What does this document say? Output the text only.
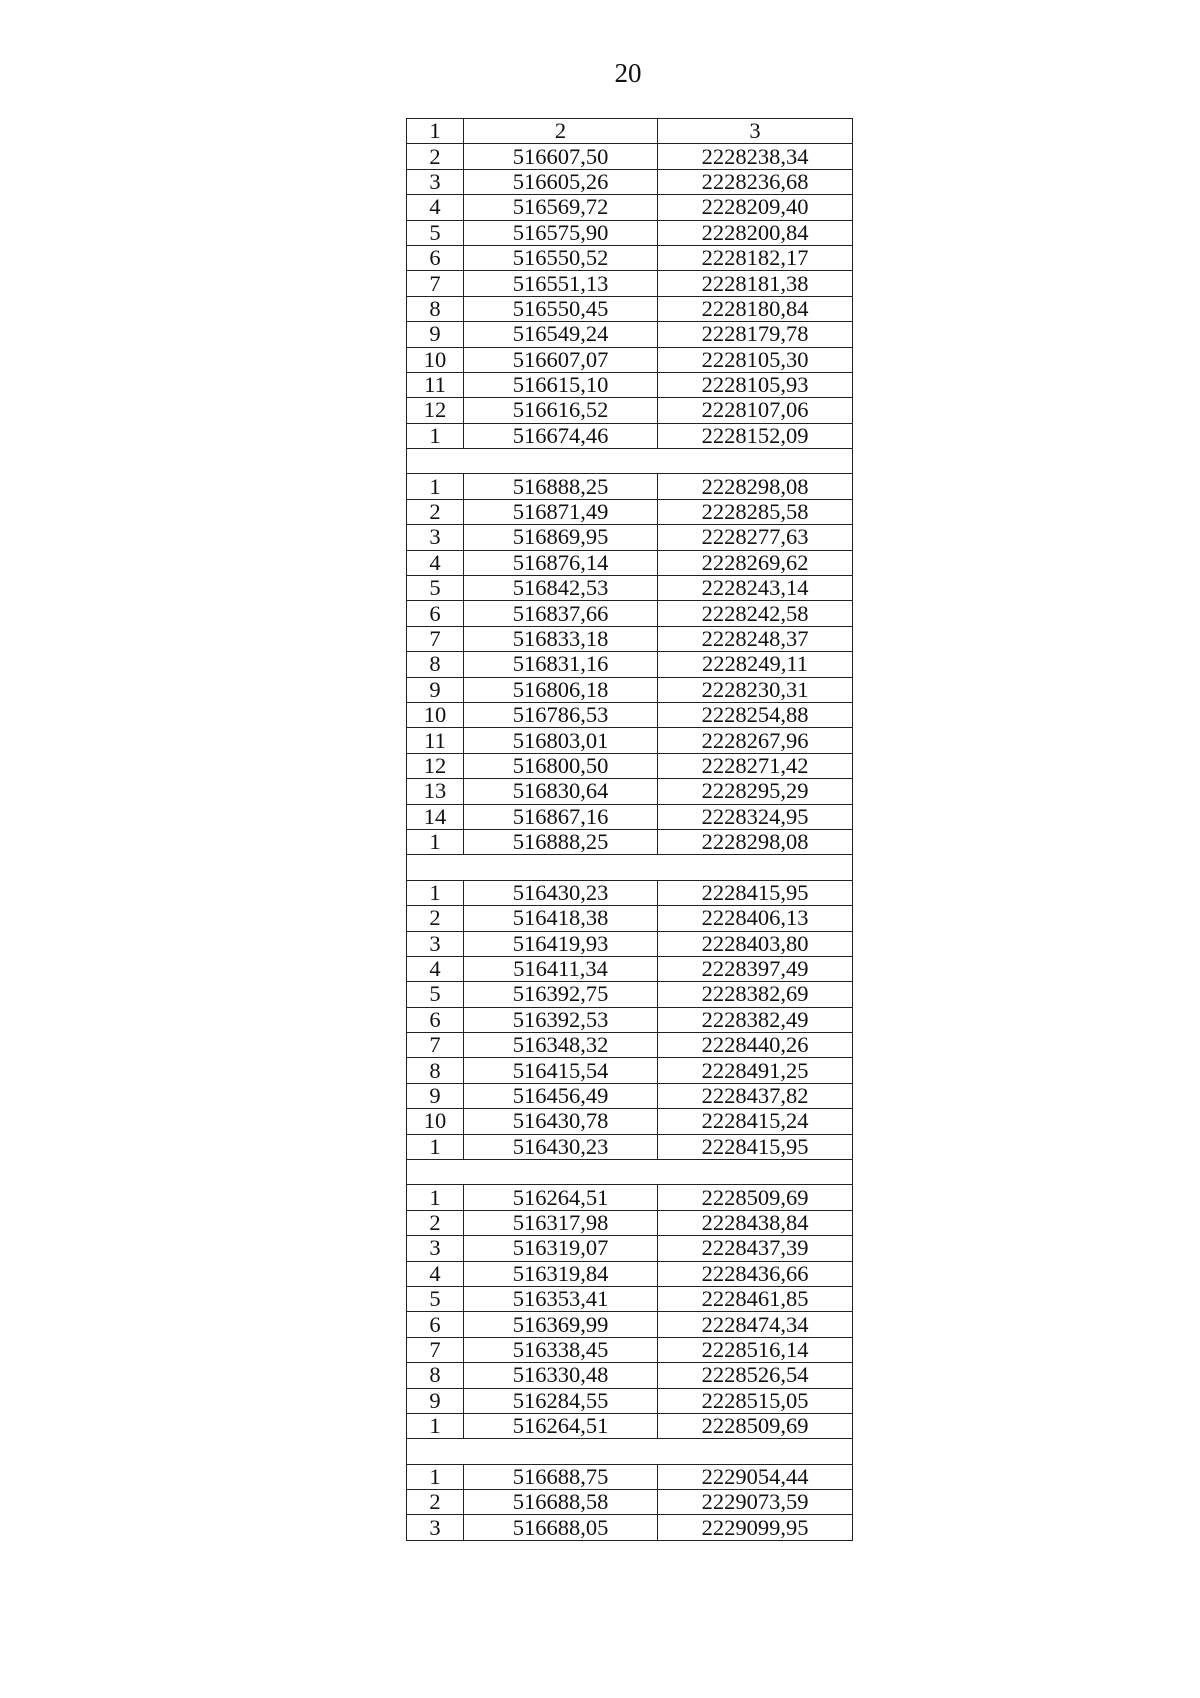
20
1	2	3
2	516607,50	2228238,34
3	516605,26	2228236,68
4	516569,72	2228209,40
5	516575,90	2228200,84
6	516550,52	2228182,17
7	516551,13	2228181,38
8	516550,45	2228180,84
9	516549,24	2228179,78
10	516607,07	2228105,30
11	516615,10	2228105,93
12	516616,52	2228107,06
1	516674,46	2228152,09

1	516888,25	2228298,08
2	516871,49	2228285,58
3	516869,95	2228277,63
4	516876,14	2228269,62
5	516842,53	2228243,14
6	516837,66	2228242,58
7	516833,18	2228248,37
8	516831,16	2228249,11
9	516806,18	2228230,31
10	516786,53	2228254,88
11	516803,01	2228267,96
12	516800,50	2228271,42
13	516830,64	2228295,29
14	516867,16	2228324,95
1	516888,25	2228298,08

1	516430,23	2228415,95
2	516418,38	2228406,13
3	516419,93	2228403,80
4	516411,34	2228397,49
5	516392,75	2228382,69
6	516392,53	2228382,49
7	516348,32	2228440,26
8	516415,54	2228491,25
9	516456,49	2228437,82
10	516430,78	2228415,24
1	516430,23	2228415,95

1	516264,51	2228509,69
2	516317,98	2228438,84
3	516319,07	2228437,39
4	516319,84	2228436,66
5	516353,41	2228461,85
6	516369,99	2228474,34
7	516338,45	2228516,14
8	516330,48	2228526,54
9	516284,55	2228515,05
1	516264,51	2228509,69

1	516688,75	2229054,44
2	516688,58	2229073,59
3	516688,05	2229099,95
